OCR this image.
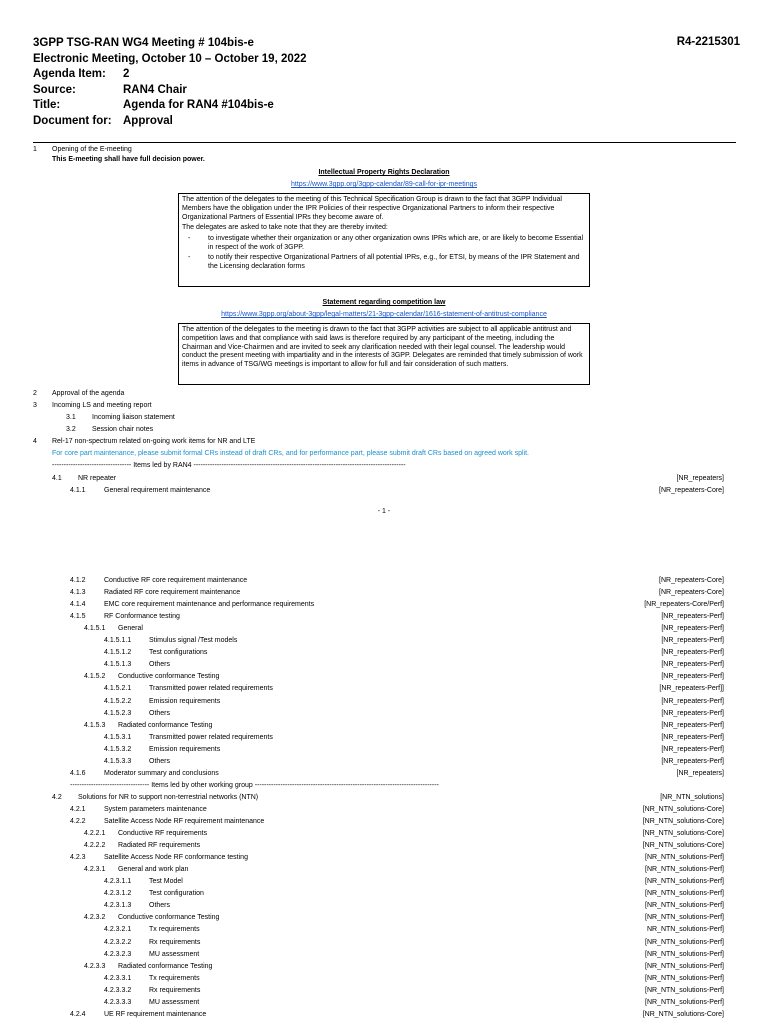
3GPP TSG-RAN WG4 Meeting # 104bis-e
Electronic Meeting, October 10 – October 19, 2022
Agenda Item:	2
Source:	RAN4 Chair
Title:	Agenda for RAN4 #104bis-e
Document for: Approval
R4-2215301
1 Opening of the E-meeting
This E-meeting shall have full decision power.
Intellectual Property Rights Declaration
https://www.3gpp.org/3gpp-calendar/89-call-for-ipr-meetings

The attention of the delegates to the meeting of this Technical Specification Group is drawn to the fact that 3GPP Individual Members have the obligation under the IPR Policies of their respective Organizational Partners to inform their respective Organizational Partners of Essential IPRs they become aware of.

The delegates are asked to take note that they are thereby invited:

-	to investigate whether their organization or any other organization owns IPRs which are, or are likely to become Essential in respect of the work of 3GPP.
-	to notify their respective Organizational Partners of all potential IPRs, e.g., for ETSI, by means of the IPR Statement and the Licensing declaration forms
Statement regarding competition law
https://www.3gpp.org/about-3gpp/legal-matters/21-3gpp-calendar/1616-statement-of-antitrust-compliance

The attention of the delegates to the meeting is drawn to the fact that 3GPP activities are subject to all applicable antitrust and competition laws and that compliance with said laws is therefore required by any participant of the meeting, including the Chairman and Vice-Chairmen and are invited to seek any clarification needed with their legal counsel. The leadership would conduct the present meeting with impartiality and in the interests of 3GPP. Delegates are reminded that timely submission of work items in advance of TSG/WG meetings is important to allow for full and fair consideration of such matters.

2 Approval of the agenda
3 Incoming LS and meeting report
3.1 Incoming liaison statement
3.2 Session chair notes
4 Rel-17 non-spectrum related on-going work items for NR and LTE
For core part maintenance, please submit formal CRs instead of draft CRs, and for performance part, please submit draft CRs based on agreed work split.
---------------------------------- Items led by RAN4 -------------------------------------------------------------------------------------------
4.1 NR repeater	[NR_repeaters]
4.1.1	General requirement maintenance	[NR_repeaters-Core]
- 1 -
4.1.2	Conductive RF core requirement maintenance	[NR_repeaters-Core]
4.1.3	Radiated RF core requirement maintenance	[NR_repeaters-Core]
4.1.4	EMC core requirement maintenance and performance requirements	[NR_repeaters-Core/Perf]
4.1.5	RF Conformance testing	[NR_repeaters-Perf]
4.1.5.1 General	[NR_repeaters-Perf]
4.1.5.1.1	Stimulus signal /Test models	[NR_repeaters-Perf]
4.1.5.1.2	Test configurations	[NR_repeaters-Perf]
4.1.5.1.3	Others	[NR_repeaters-Perf]
4.1.5.2 Conductive conformance Testing	[NR_repeaters-Perf]
4.1.5.2.1	Transmitted power related requirements	[NR_repeaters-Perf]]
4.1.5.2.2	Emission requirements	[NR_repeaters-Perf]
4.1.5.2.3	Others	[NR_repeaters-Perf]
4.1.5.3 Radiated conformance Testing	[NR_repeaters-Perf]
4.1.5.3.1	Transmitted power related requirements	[NR_repeaters-Perf]
4.1.5.3.2	Emission requirements	[NR_repeaters-Perf]
4.1.5.3.3	Others	[NR_repeaters-Perf]
4.1.6	Moderator summary and conclusions	[NR_repeaters]
---------------------------------- Items led by other working group -------------------------------------------------------------------------------
4.2 Solutions for NR to support non-terrestrial networks (NTN)	[NR_NTN_solutions]
4.2.1	System parameters maintenance	[NR_NTN_solutions-Core]
4.2.2	Satellite Access Node RF requirement maintenance	[NR_NTN_solutions-Core]
4.2.2.1 Conductive RF requirements	[NR_NTN_solutions-Core]
4.2.2.2 Radiated RF requirements	[NR_NTN_solutions-Core]
4.2.3	Satellite Access Node RF conformance testing	[NR_NTN_solutions-Perf]
4.2.3.1 General and work plan	[NR_NTN_solutions-Perf]
4.2.3.1.1	Test Model	[NR_NTN_solutions-Perf]
4.2.3.1.2	Test configuration	[NR_NTN_solutions-Perf]
4.2.3.1.3	Others	[NR_NTN_solutions-Perf]
4.2.3.2 Conductive conformance Testing	[NR_NTN_solutions-Perf]
4.2.3.2.1	Tx requirements	NR_NTN_solutions-Perf]
4.2.3.2.2	Rx requirements	[NR_NTN_solutions-Perf]
4.2.3.2.3	MU assessment	[NR_NTN_solutions-Perf]
4.2.3.3 Radiated conformance Testing	[NR_NTN_solutions-Perf]
4.2.3.3.1	Tx requirements	[NR_NTN_solutions-Perf]
4.2.3.3.2	Rx requirements	[NR_NTN_solutions-Perf]
4.2.3.3.3	MU assessment	[NR_NTN_solutions-Perf]
4.2.4	UE RF requirement maintenance	[NR_NTN_solutions-Core]
